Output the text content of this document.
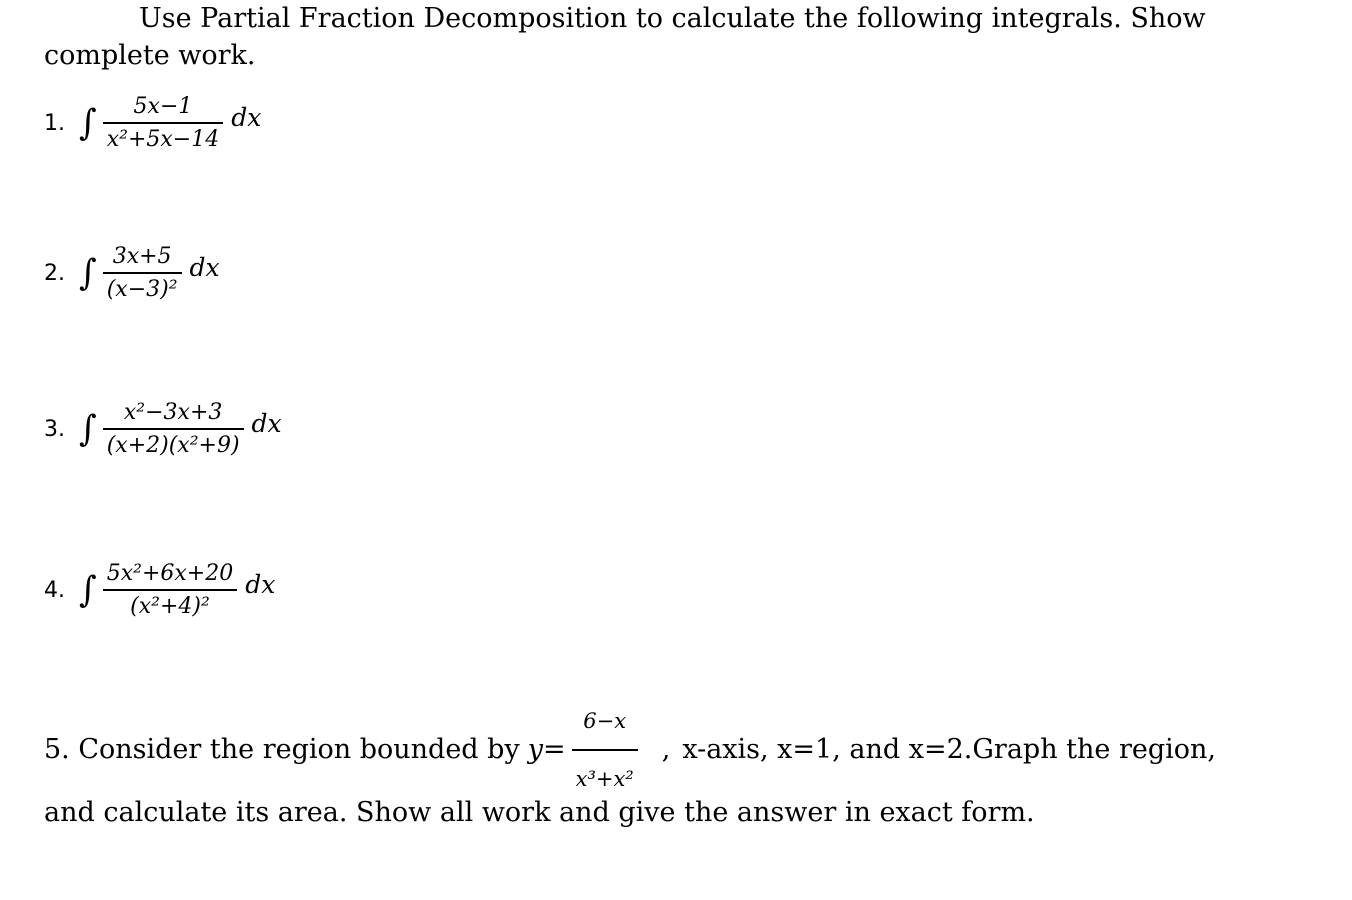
Use Partial Fraction Decomposition to calculate the following integrals. Show complete work.

1. ∫ $\frac{5x-1}{\text{x²+5x−14}}$ dx
2. ∫ $\frac{3x+5}{\text{(x−3)²}}$ dx
3. ∫ $\frac{\text{x²−3x+3}}{\text{(x+2)(x²+9)}}$ dx
4. ∫ $\frac{\text{5x²+6x+20}}{\text{(x²+4)²}}$ dx
5. Consider the region bounded by $y= \frac{6-x}{\text{x³+x²}}$ , x-axis, x=1, and x=2.Graph the region,
and calculate its area. Show all work and give the answer in exact form.
